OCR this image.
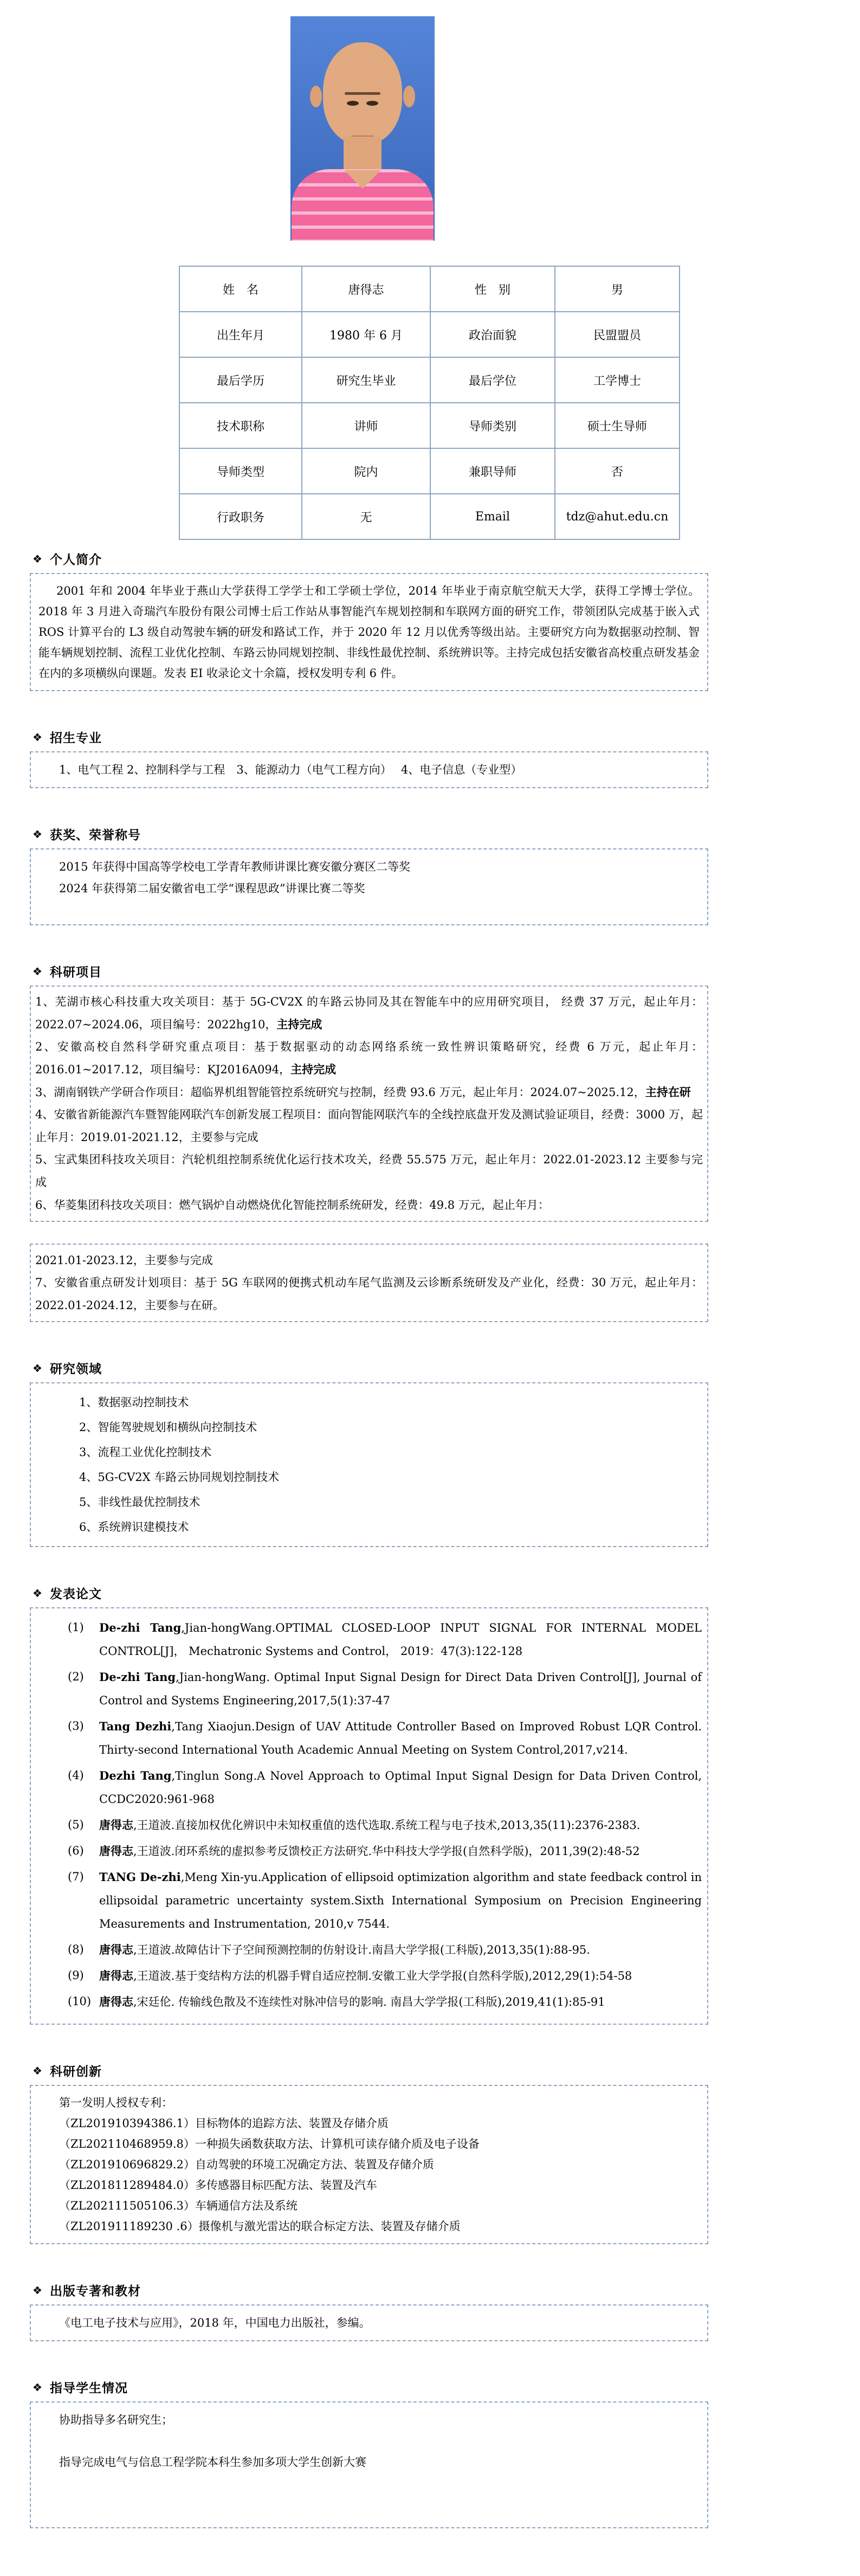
姓　名	唐得志	性　别	男
出生年月	1980 年 6 月	政治面貌	民盟盟员
最后学历	研究生毕业	最后学位	工学博士
技术职称	讲师	导师类别	硕士生导师
导师类型	院内	兼职导师	否
行政职务	无	Email	tdz@ahut.edu.cn
❖ 个人简介

2001 年和 2004 年毕业于燕山大学获得工学学士和工学硕士学位，2014 年毕业于南京航空航天大学，获得工学博士学位。2018 年 3 月进入奇瑞汽车股份有限公司博士后工作站从事智能汽车规划控制和车联网方面的研究工作，带领团队完成基于嵌入式 ROS 计算平台的 L3 级自动驾驶车辆的研发和路试工作，并于 2020 年 12 月以优秀等级出站。主要研究方向为数据驱动控制、智能车辆规划控制、流程工业优化控制、车路云协同规划控制、非线性最优控制、系统辨识等。主持完成包括安徽省高校重点研发基金在内的多项横纵向课题。发表 EI 收录论文十余篇，授权发明专利 6 件。

❖ 招生专业

1、电气工程 2、控制科学与工程　3、能源动力（电气工程方向）　 4、电子信息（专业型）

❖ 获奖、荣誉称号

2015 年获得中国高等学校电工学青年教师讲课比赛安徽分赛区二等奖

2024 年获得第二届安徽省电工学“课程思政”讲课比赛二等奖

❖ 科研项目

1、芜湖市核心科技重大攻关项目：基于 5G-CV2X 的车路云协同及其在智能车中的应用研究项目， 经费 37 万元，起止年月：2022.07~2024.06，项目编号：2022hg10，主持完成

2、安徽高校自然科学研究重点项目：基于数据驱动的动态网络系统一致性辨识策略研究，经费 6 万元，起止年月：2016.01~2017.12，项目编号：KJ2016A094，主持完成

3、湖南钢铁产学研合作项目：超临界机组智能管控系统研究与控制，经费 93.6 万元，起止年月：2024.07~2025.12，主持在研

4、安徽省新能源汽车暨智能网联汽车创新发展工程项目：面向智能网联汽车的全线控底盘开发及测试验证项目，经费：3000 万，起止年月：2019.01-2021.12，主要参与完成

5、宝武集团科技攻关项目：汽轮机组控制系统优化运行技术攻关，经费 55.575 万元，起止年月：2022.01-2023.12 主要参与完成

6、华菱集团科技攻关项目：燃气锅炉自动燃烧优化智能控制系统研发，经费：49.8 万元，起止年月：

2021.01-2023.12，主要参与完成

7、安徽省重点研发计划项目：基于 5G 车联网的便携式机动车尾气监测及云诊断系统研发及产业化，经费：30 万元，起止年月：2022.01-2024.12，主要参与在研。

❖ 研究领域

1、数据驱动控制技术

2、智能驾驶规划和横纵向控制技术

3、流程工业优化控制技术

4、5G-CV2X 车路云协同规划控制技术

5、非线性最优控制技术

6、系统辨识建模技术

❖ 发表论文
(1)	De-zhi Tang,Jian-hongWang.OPTIMAL CLOSED-LOOP INPUT SIGNAL FOR INTERNAL MODEL CONTROL[J]， Mechatronic Systems and Control， 2019：47(3):122-128
(2)	De-zhi Tang,Jian-hongWang. Optimal Input Signal Design for Direct Data Driven Control[J], Journal of Control and Systems Engineering,2017,5(1):37-47
(3)	Tang Dezhi,Tang Xiaojun.Design of UAV Attitude Controller Based on Improved Robust LQR Control. Thirty-second International Youth Academic Annual Meeting on System Control,2017,v214.
(4)	Dezhi Tang,Tinglun Song.A Novel Approach to Optimal Input Signal Design for Data Driven Control, CCDC2020:961-968
(5)	唐得志,王道波.直接加权优化辨识中未知权重值的迭代选取.系统工程与电子技术,2013,35(11):2376-2383.
(6)	唐得志,王道波.闭环系统的虚拟参考反馈校正方法研究.华中科技大学学报(自然科学版)，2011,39(2):48-52
(7)	TANG De-zhi,Meng Xin-yu.Application of ellipsoid optimization algorithm and state feedback control in ellipsoidal parametric uncertainty system.Sixth International Symposium on Precision Engineering Measurements and Instrumentation, 2010,v 7544.
(8)	唐得志,王道波.故障估计下子空间预测控制的仿射设计.南昌大学学报(工科版),2013,35(1):88-95.
(9)	唐得志,王道波.基于变结构方法的机器手臂自适应控制.安徽工业大学学报(自然科学版),2012,29(1):54-58
(10) 唐得志,宋廷伦. 传输线色散及不连续性对脉冲信号的影响. 南昌大学学报(工科版),2019,41(1):85-91
❖ 科研创新

第一发明人授权专利：

（ZL201910394386.1）目标物体的追踪方法、装置及存储介质

（ZL202110468959.8）一种损失函数获取方法、计算机可读存储介质及电子设备

（ZL201910696829.2）自动驾驶的环境工况确定方法、装置及存储介质

（ZL201811289484.0）多传感器目标匹配方法、装置及汽车

（ZL202111505106.3）车辆通信方法及系统

（ZL201911189230 .6）摄像机与激光雷达的联合标定方法、装置及存储介质

❖ 出版专著和教材

《电工电子技术与应用》，2018 年，中国电力出版社，参编。

❖ 指导学生情况

协助指导多名研究生；

指导完成电气与信息工程学院本科生参加多项大学生创新大赛
